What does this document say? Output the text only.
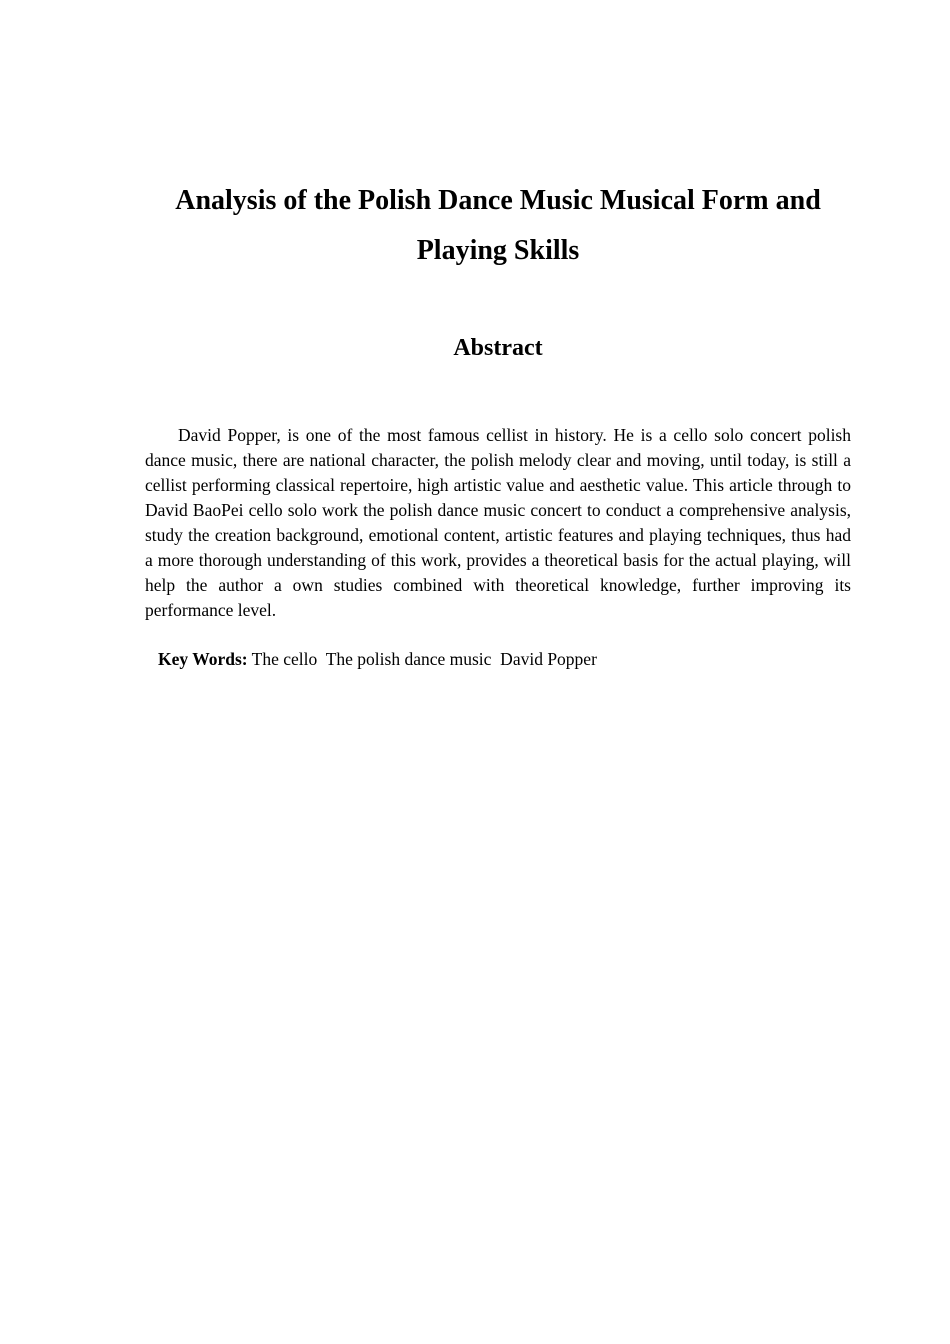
Analysis of the Polish Dance Music Musical Form and Playing Skills
Abstract

David Popper, is one of the most famous cellist in history. He is a cello solo concert polish dance music, there are national character, the polish melody clear and moving, until today, is still a cellist performing classical repertoire, high artistic value and aesthetic value. This article through to David BaoPei cello solo work the polish dance music concert to conduct a comprehensive analysis, study the creation background, emotional content, artistic features and playing techniques, thus had a more thorough understanding of this work, provides a theoretical basis for the actual playing, will help the author a own studies combined with theoretical knowledge, further improving its performance level.

Key Words: The cello  The polish dance music  David Popper
